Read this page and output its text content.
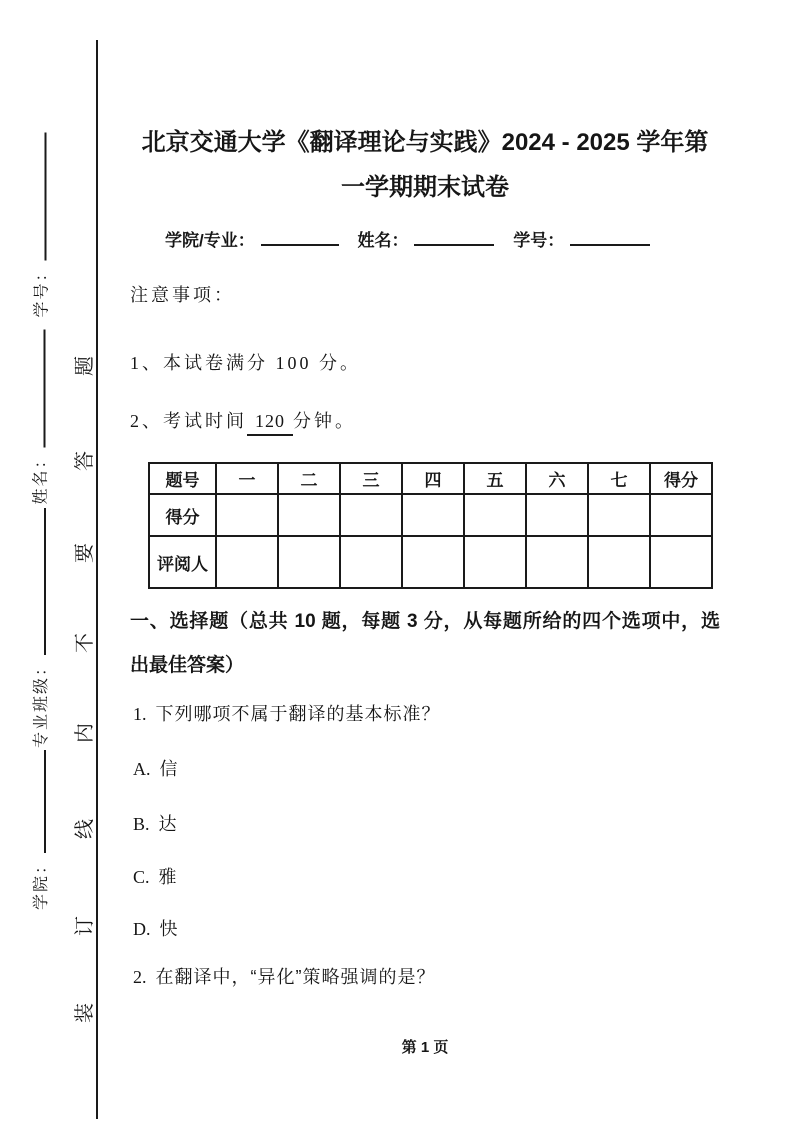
学号：
姓名：
专业班级：
学院：
题
答
要
不
内
线
订
装
北京交通大学《翻译理论与实践》2024 - 2025 学年第
一学期期末试卷
学院/专业：	姓名：	学号：
注意事项：
1、本试卷满分 100 分。
2、考试时间 120 分钟。
题号	一	二	三	四	五	六	七	得分
得分								
评阅人								
一、选择题（总共 10 题，每题 3 分，从每题所给的四个选项中，选
出最佳答案）
1. 下列哪项不属于翻译的基本标准？
A. 信
B. 达
C. 雅
D. 快
2. 在翻译中，“异化”策略强调的是？
第 1 页
